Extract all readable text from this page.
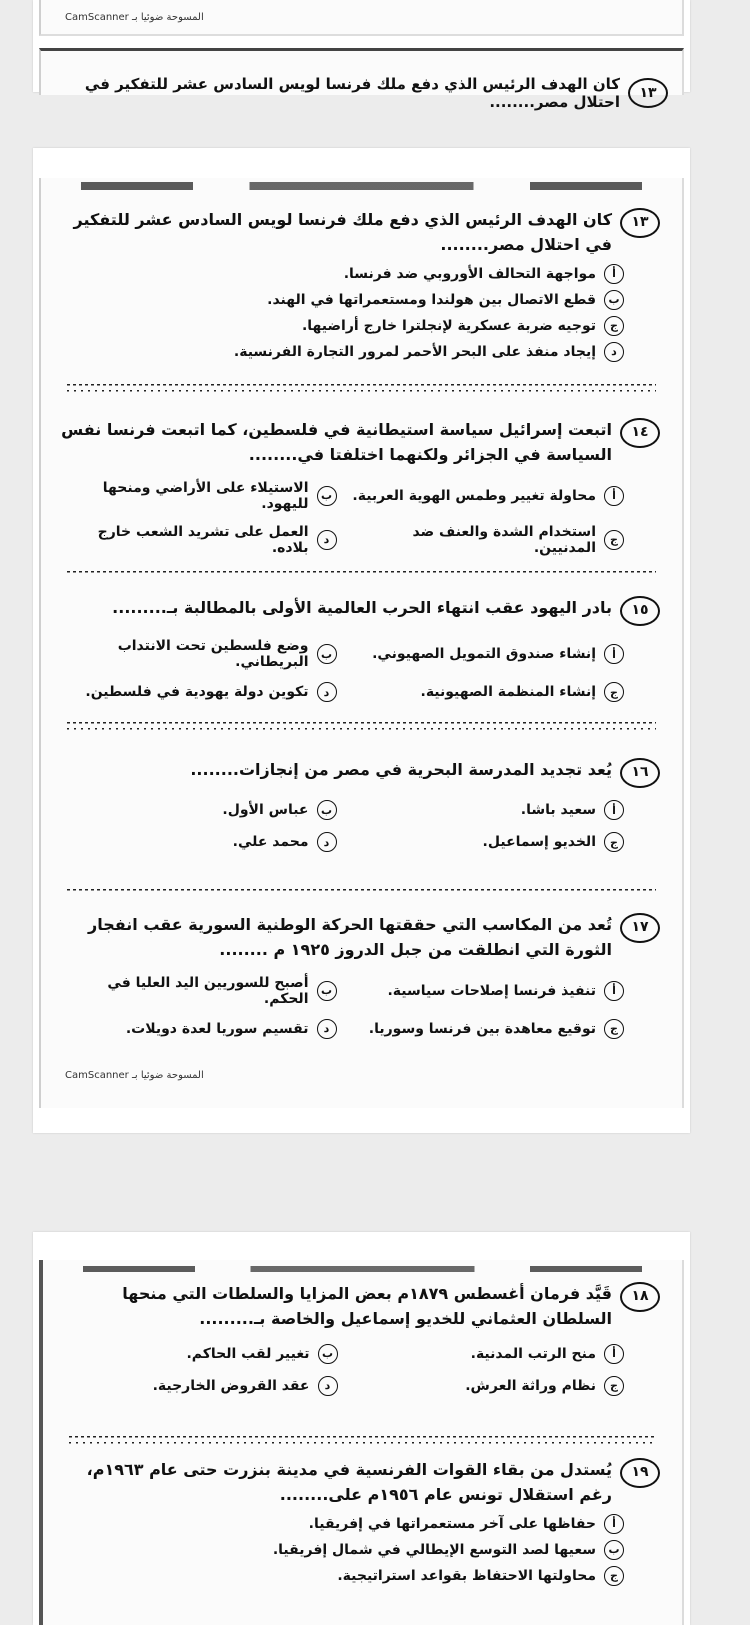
المسوحة ضوئيا بـ CamScanner
١٣
كان الهدف الرئيس الذي دفع ملك فرنسا لويس السادس عشر للتفكير في احتلال مصر........
١٣
كان الهدف الرئيس الذي دفع ملك فرنسا لويس السادس عشر للتفكير في احتلال مصر........
أ
مواجهة التحالف الأوروبي ضد فرنسا.
ب
قطع الاتصال بين هولندا ومستعمراتها في الهند.
ج
توجيه ضربة عسكرية لإنجلترا خارج أراضيها.
د
إيجاد منفذ على البحر الأحمر لمرور التجارة الفرنسية.
١٤
اتبعت إسرائيل سياسة استيطانية في فلسطين، كما اتبعت فرنسا نفس السياسة في الجزائر ولكنهما اختلفتا في........
أ
محاولة تغيير وطمس الهوية العربية.
ب
الاستيلاء على الأراضي ومنحها لليهود.
ج
استخدام الشدة والعنف ضد المدنيين.
د
العمل على تشريد الشعب خارج بلاده.
١٥
بادر اليهود عقب انتهاء الحرب العالمية الأولى بالمطالبة بـ.........
أ
إنشاء صندوق التمويل الصهيوني.
ب
وضع فلسطين تحت الانتداب البريطاني.
ج
إنشاء المنظمة الصهيونية.
د
تكوين دولة يهودية في فلسطين.
١٦
يُعد تجديد المدرسة البحرية في مصر من إنجازات........
أ
سعيد باشا.
ب
عباس الأول.
ج
الخديو إسماعيل.
د
محمد علي.
١٧
تُعد من المكاسب التي حققتها الحركة الوطنية السورية عقب انفجار الثورة التي انطلقت من جبل الدروز ١٩٢٥ م ........
أ
تنفيذ فرنسا إصلاحات سياسية.
ب
أصبح للسوريين اليد العليا في الحكم.
ج
توقيع معاهدة بين فرنسا وسوريا.
د
تقسيم سوريا لعدة دويلات.
المسوحة ضوئيا بـ CamScanner
١٨
قَيَّد فرمان أغسطس ١٨٧٩م بعض المزايا والسلطات التي منحها السلطان العثماني للخديو إسماعيل والخاصة بـ.........
أ
منح الرتب المدنية.
ب
تغيير لقب الحاكم.
ج
نظام وراثة العرش.
د
عقد القروض الخارجية.
١٩
يُستدل من بقاء القوات الفرنسية في مدينة بنزرت حتى عام ١٩٦٣م، رغم استقلال تونس عام ١٩٥٦م على........
أ
حفاظها على آخر مستعمراتها في إفريقيا.
ب
سعيها لصد التوسع الإيطالي في شمال إفريقيا.
ج
محاولتها الاحتفاظ بقواعد استراتيجية.
